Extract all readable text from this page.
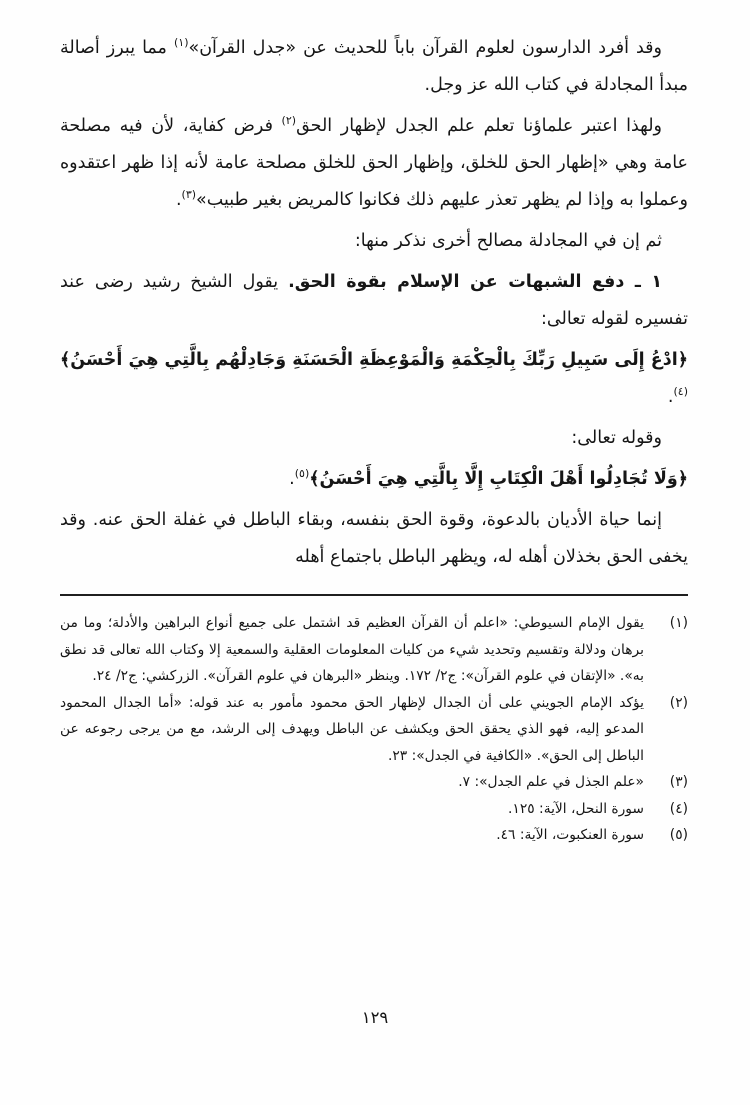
وقد أفرد الدارسون لعلوم القرآن باباً للحديث عن «جدل القرآن»$^{(١)}$ مما يبرز أصالة مبدأ المجادلة في كتاب الله عز وجل.

ولهذا اعتبر علماؤنا تعلم علم الجدل لإظهار الحق$^{(٢)}$ فرض كفاية، لأن فيه مصلحة عامة وهي «إظهار الحق للخلق، وإظهار الحق للخلق مصلحة عامة لأنه إذا ظهر اعتقدوه وعملوا به وإذا لم يظهر تعذر عليهم ذلك فكانوا كالمريض بغير طبيب»$^{(٣)}$.

ثم إن في المجادلة مصالح أخرى نذكر منها:

١ ـ دفع الشبهات عن الإسلام بقوة الحق. يقول الشيخ رشيد رضى عند تفسيره لقوله تعالى:

﴿ادْعُ إِلَى سَبِيلِ رَبِّكَ بِالْحِكْمَةِ وَالْمَوْعِظَةِ الْحَسَنَةِ وَجَادِلْهُم بِالَّتِي هِيَ أَحْسَنُ﴾$^{(٤)}$.

وقوله تعالى:

﴿وَلَا تُجَادِلُوا أَهْلَ الْكِتَابِ إِلَّا بِالَّتِي هِيَ أَحْسَنُ﴾$^{(٥)}$.

إنما حياة الأديان بالدعوة، وقوة الحق بنفسه، وبقاء الباطل في غفلة الحق عنه. وقد يخفى الحق بخذلان أهله له، ويظهر الباطل باجتماع أهله

(١)
يقول الإمام السيوطي: «اعلم أن القرآن العظيم قد اشتمل على جميع أنواع البراهين والأدلة؛ وما من برهان ودلالة وتقسيم وتحديد شيء من كليات المعلومات العقلية والسمعية إلا وكتاب الله تعالى قد نطق به». «الإتقان في علوم القرآن»: ج٢/ ١٧٢. وينظر «البرهان في علوم القرآن». الزركشي: ج٢/ ٢٤.
(٢)
يؤكد الإمام الجويني على أن الجدال لإظهار الحق محمود مأمور به عند قوله: «أما الجدال المحمود المدعو إليه، فهو الذي يحقق الحق ويكشف عن الباطل ويهدف إلى الرشد، مع من يرجى رجوعه عن الباطل إلى الحق». «الكافية في الجدل»: ٢٣.
(٣)
«علم الجذل في علم الجدل»: ٧.
(٤)
سورة النحل، الآية: ١٢٥.
(٥)
سورة العنكبوت، الآية: ٤٦.
١٢٩
